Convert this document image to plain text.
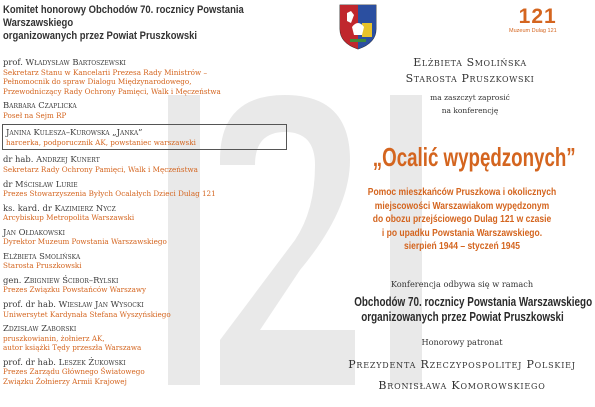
Komitet honorowy Obchodów 70. rocznicy Powstania Warszawskiego
organizowanych przez Powiat Pruszkowski
prof. Władysław Bartoszewski
Sekretarz Stanu w Kancelarii Prezesa Rady Ministrów –
Pełnomocnik do spraw Dialogu Międzynarodowego,
Przewodniczący Rady Ochrony Pamięci, Walk i Męczeństwa
Barbara Czaplicka
Poseł na Sejm RP
Janina Kulesza–Kurowska „Janka”
harcerka, podporucznik AK, powstaniec warszawski
dr hab. Andrzej Kunert
Sekretarz Rady Ochrony Pamięci, Walk i Męczeństwa
dr Mścisław Lurie
Prezes Stowarzyszenia Byłych Ocalałych Dzieci Dulag 121
ks. kard. dr Kazimierz Nycz
Arcybiskup Metropolita Warszawski
Jan Ołdakowski
Dyrektor Muzeum Powstania Warszawskiego
Elżbieta Smolińska
Starosta Pruszkowski
gen. Zbigniew Ścibor–Rylski
Prezes Związku Powstańców Warszawy
prof. dr hab. Wiesław Jan Wysocki
Uniwersytet Kardynała Stefana Wyszyńskiego
Zdzisław Zaborski
pruszkowianin, żołnierz AK,
autor książki Tędy przeszła Warszawa
prof. dr hab. Leszek Żukowski
Prezes Zarządu Głównego Światowego
Związku Żołnierzy Armii Krajowej
121
Muzeum Dulag 121
Elżbieta Smolińska
Starosta Pruszkowski
ma zaszczyt zaprosić
na konferencję
„Ocalić wypędzonych”
Pomoc mieszkańców Pruszkowa i okolicznych
miejscowości Warszawiakom wypędzonym
do obozu przejściowego Dulag 121 w czasie
i po upadku Powstania Warszawskiego.
sierpień 1944 – styczeń 1945
Konferencja odbywa się w ramach
Obchodów 70. rocznicy Powstania Warszawskiego
organizowanych przez Powiat Pruszkowski
Honorowy patronat
Prezydenta Rzeczypospolitej Polskiej
Bronisława Komorowskiego
